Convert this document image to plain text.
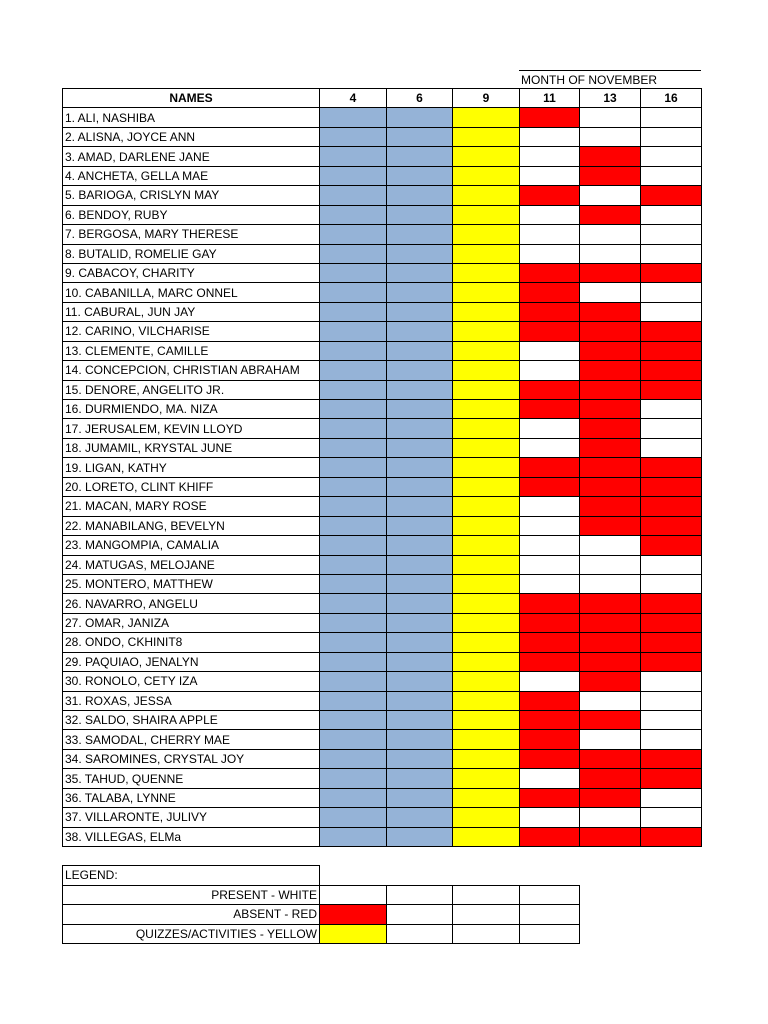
MONTH OF NOVEMBER
NAMES	4	6	9	11	13	16
1. ALI, NASHIBA						
2. ALISNA, JOYCE ANN						
3. AMAD, DARLENE JANE						
4. ANCHETA, GELLA MAE						
5. BARIOGA, CRISLYN MAY						
6. BENDOY, RUBY						
7. BERGOSA, MARY THERESE						
8. BUTALID, ROMELIE GAY						
9. CABACOY, CHARITY						
10. CABANILLA, MARC ONNEL						
11. CABURAL, JUN JAY						
12. CARINO, VILCHARISE						
13. CLEMENTE, CAMILLE						
14. CONCEPCION, CHRISTIAN ABRAHAM						
15. DENORE, ANGELITO JR.						
16. DURMIENDO, MA. NIZA						
17. JERUSALEM, KEVIN LLOYD						
18. JUMAMIL, KRYSTAL JUNE						
19. LIGAN, KATHY						
20. LORETO, CLINT KHIFF						
21. MACAN, MARY ROSE						
22. MANABILANG, BEVELYN						
23. MANGOMPIA, CAMALIA						
24. MATUGAS, MELOJANE						
25. MONTERO, MATTHEW						
26. NAVARRO, ANGELU						
27. OMAR, JANIZA						
28. ONDO, CKHINIT8						
29. PAQUIAO, JENALYN						
30. RONOLO, CETY IZA						
31. ROXAS, JESSA						
32. SALDO, SHAIRA APPLE						
33. SAMODAL, CHERRY MAE						
34. SAROMINES, CRYSTAL JOY						
35. TAHUD, QUENNE						
36. TALABA, LYNNE						
37. VILLARONTE, JULIVY						
38. VILLEGAS, ELMa						
LEGEND:				
PRESENT - WHITE				
ABSENT - RED				
QUIZZES/ACTIVITIES - YELLOW				
